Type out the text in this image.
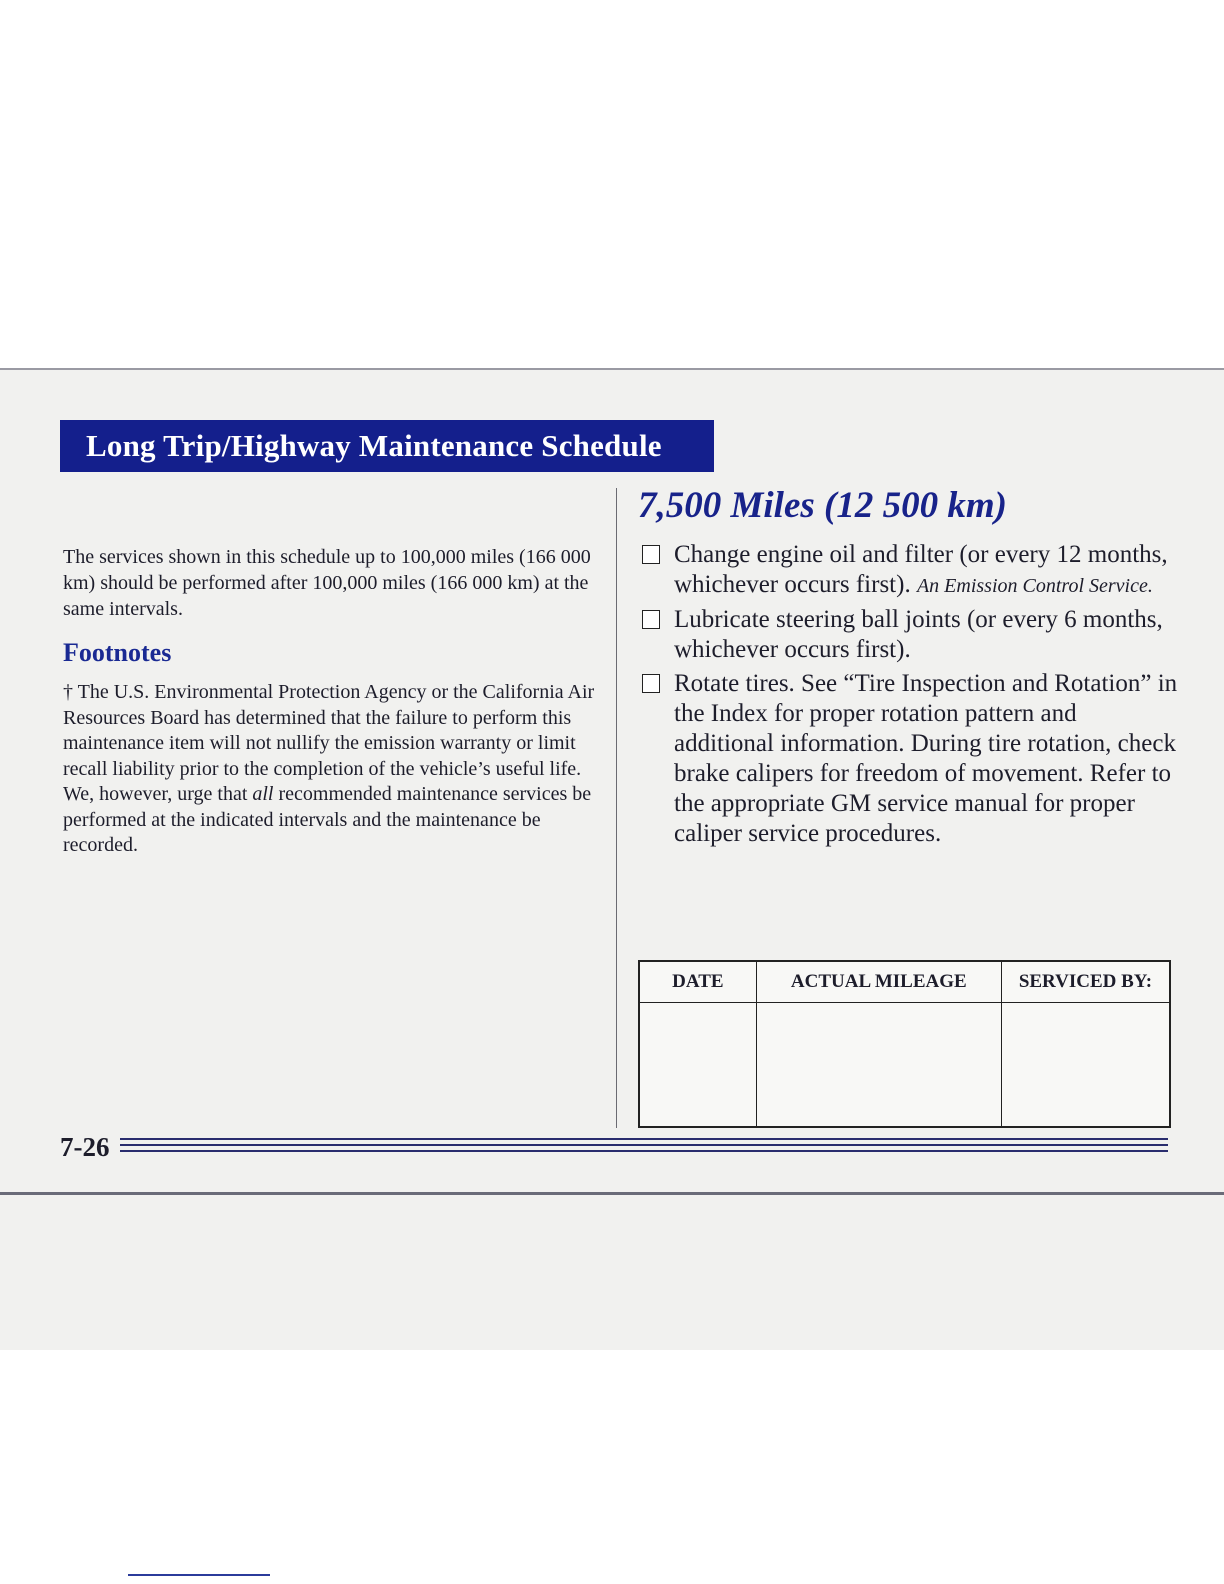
Long Trip/Highway Maintenance Schedule

The services shown in this schedule up to 100,000 miles (166 000 km) should be performed after 100,000 miles (166 000 km) at the same intervals.

Footnotes

† The U.S. Environmental Protection Agency or the California Air Resources Board has determined that the failure to perform this maintenance item will not nullify the emission warranty or limit recall liability prior to the completion of the vehicle’s useful life. We, however, urge that all recommended maintenance services be performed at the indicated intervals and the maintenance be recorded.

7,500 Miles (12 500 km)
Change engine oil and filter (or every 12 months, whichever occurs first). An Emission Control Service.
Lubricate steering ball joints (or every 6 months, whichever occurs first).
Rotate tires. See “Tire Inspection and Rotation” in the Index for proper rotation pattern and additional information. During tire rotation, check brake calipers for freedom of movement. Refer to the appropriate GM service manual for proper caliper service procedures.
DATE	ACTUAL MILEAGE	SERVICED BY:

7-26
